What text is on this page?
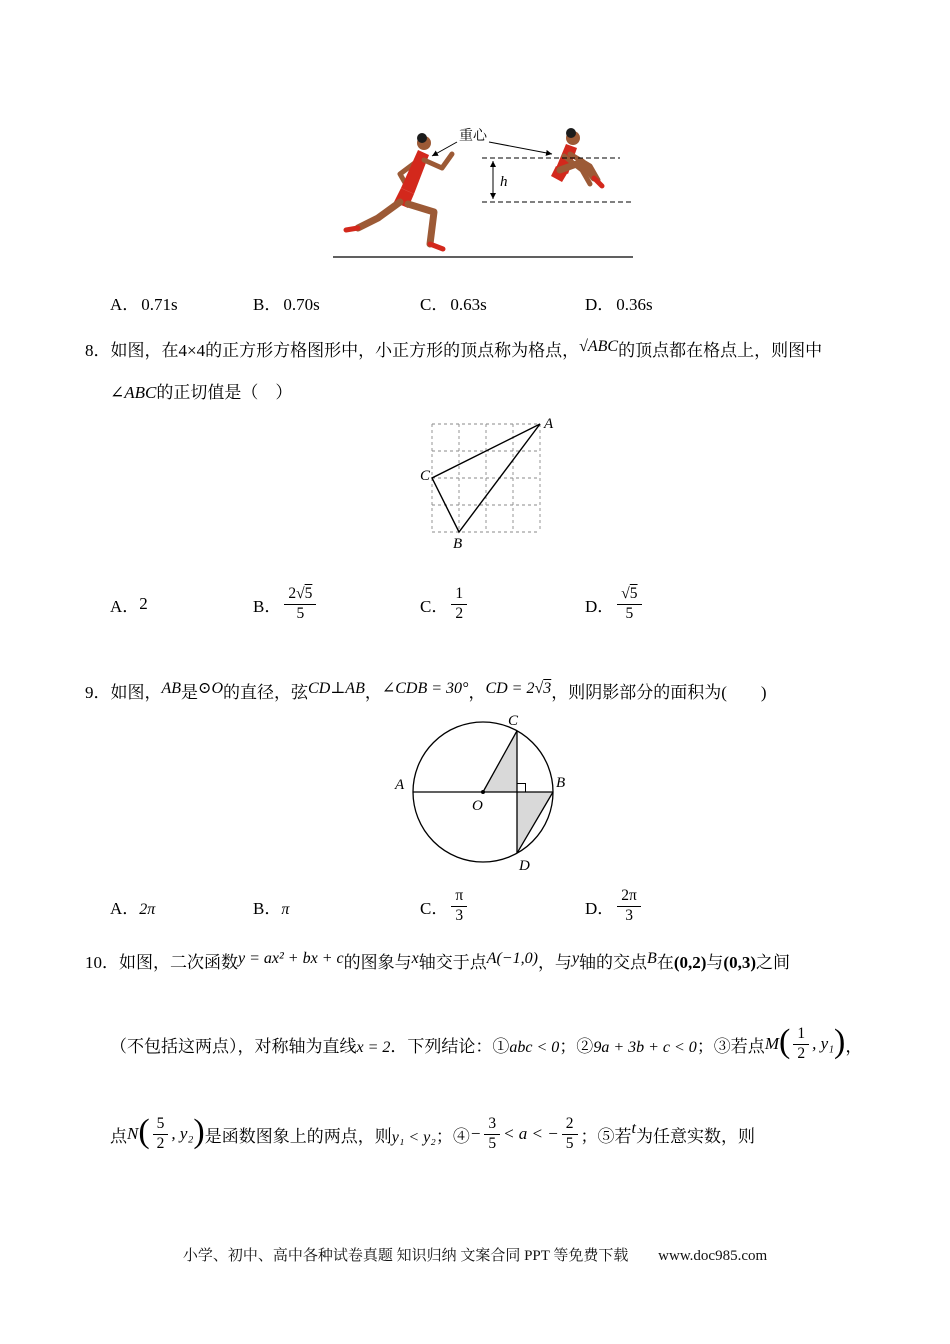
重心
h
A． 0.71s	B． 0.70s	C． 0.63s	D． 0.36s
8．如图，在4×4的正方形方格图形中，小正方形的顶点称为格点，√ABC的顶点都在格点上，则图中
∠ABC的正切值是（　）
A
C
B
A． 2	B． $\frac{2√5}{5}$	C． $\frac{1}{2}$	D． $\frac{√5}{5}$
9．如图，AB是⊙O的直径，弦CD⊥AB，∠CDB = 30°，CD = 2√3，则阴影部分的面积为(　　)
A	B
O
C
D
A． 2π	B． π	C． $\frac{\pi}{3}$	D． $\frac{2\pi}{3}$
10．如图，二次函数y = ax² + bx + c的图象与x轴交于点A(−1,0)，与y轴的交点B在(0,2)与(0,3)之间
（不包括这两点），对称轴为直线 x = 2 ．下列结论：① abc < 0 ；② 9a + 3b + c < 0 ；③若点 M ( $\frac{1}{2}$ , y₁ ) ，
点 N ( $\frac{5}{2}$ , y₂ ) 是函数图象上的两点，则 y₁ < y₂ ；④ − $\frac{3}{5} < a$ < − $\frac{2}{5}$ ；⑤若 t 为任意实数，则
小学、初中、高中各种试卷真题 知识归纳 文案合同 PPT 等免费下载 www.doc985.com
